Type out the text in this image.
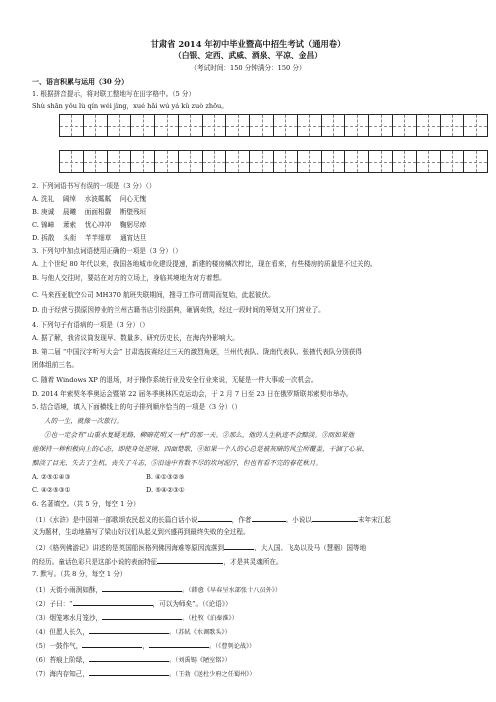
甘肃省 2014 年初中毕业暨高中招生考试（通用卷）
（白银、定西、武威、酒泉、平凉、金昌）
（考试时间：150 分钟满分：150 分）
一、语言积累与运用（30 分）
1. 根据拼音提示，将对联工整地写在田字格中。（5 分）
Shù shān yǒu lù qín wéi jìng，xué hǎi wú yá kǔ zuò zhōu。
2. 下列词语书写有误的一项是（3 分）（）
A. 洗礼　 阔绰　 水波粼粼　 问心无愧
B. 庚诚　 晨曦　 面面相觑　 断壁残垣
C. 锦嶂　 萧索　 忧心冲冲　 鞠躬尽瘁
D. 拆散　 头衔　 芊芊细草　 通宵达旦
3. 下列句中加点词语使用正确的一项是（3 分）（）
A. 上个世纪 80 年代以来，我国各地城市化建设提速，新建的楼房鳞次栉比，现在看来，有些楼房的质量是不过关的。
B. 与他人交往时，要站在对方的立场上，身临其境地为对方着想。
C. 马来西亚航空公司 MH370 航班失联期间，搜寻工作可谓周而复始，此起彼伏。
D. 由于经营亏损原因停业的兰州古籍书店引经据典，砸锅卖铁，经过一段时间的筹划又开门营业了。
4. 下列句子有语病的一项是（3 分）（）
A. 据了解，我省议筒发现早、数量多、研究历史长，在海内外影响大。
B. 第二届 “中国汉字听写大会” 甘肃选拔赛经过三天的激烈角逐，兰州代表队、陇南代表队、张掖代表队分别获得
团体组前三名。
C. 随着 Windows XP 的退场，对于操作系统行业及安全行业来说，无疑是一件大事或一次机会。
D. 2014 年索契冬季奥运会暨第 22 届冬季奥林匹克运动会，于 2 月 7 日至 23 日在俄罗斯联邦索契市举办。
5. 结合语境，填入下面横线上的句子排列顺序恰当的一项是（3 分）（）
人的一生，就像一次旅行。
①也一定会有“山重水复疑无路，柳暗花明又一村”的那一天。②那么，他的人生轨迹不会黯淡。③而如果他
能保持一种积极向上的心态，即使身处逆境、四面楚歌，④如果一个人的心总是被灰暗的风尘所覆盖，干涸了心泉、
黯淡了目光、失去了生机、丧失了斗志，⑤沿途中有数不尽的坎坷泥泞，但也有看不完的春花秋月。
A. ②⑤①④③	B. ④①③②⑤
C. ④②⑤③①	D. ⑤④②③①
6. 名著填空。（共 5 分，每空 1 分）
（1）《水浒》是中国第一部歌颂农民起义的长篇白话小说	，作者	。小说以	末年宋江起
义为题材，生动地描写了梁山好汉们从起义到兴盛再到最终失败的全过程。
（2）《格列佛游记》讲述的是英国船医格列佛因海难等原因流落到	、大人国、飞岛以及马（慧骃）国等地
的经历。童话色彩只是这部小说的表面特征	，才是其灵魂所在。
7. 默写。（共 8 分，每空 1 分）
（1）天街小雨润如酥，	。（韩愈《早春呈水部张十八员外》）
（2）子曰：“	，可以为师矣”。（《论语》）
（3）烟笼寒水月笼沙，	。（杜牧《泊秦淮》）
（4）但愿人长久，	。（苏轼《水调歌头》）
（5）一鼓作气，	，	。（《曹刿论战》）
（6）苔痕上阶绿，	。（刘禹锡《陋室铭》）
（7）海内存知己，	。（王勃《送杜少府之任蜀州》）
